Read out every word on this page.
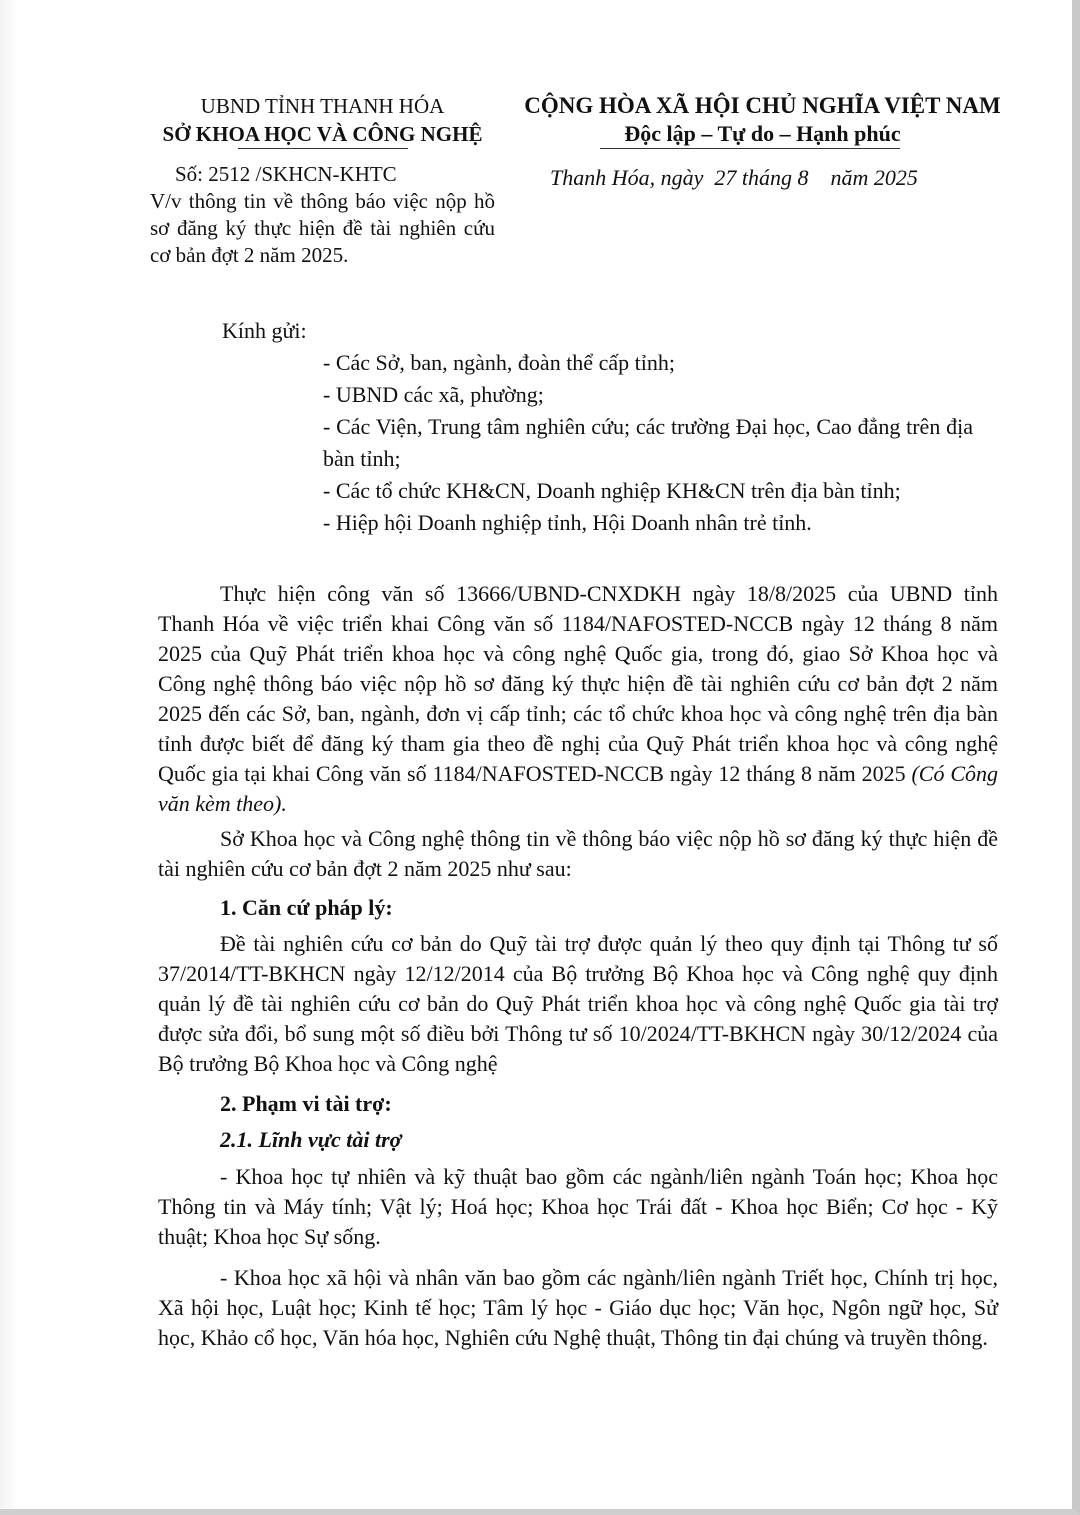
UBND TỈNH THANH HÓA
SỞ KHOA HỌC VÀ CÔNG NGHỆ
CỘNG HÒA XÃ HỘI CHỦ NGHĨA VIỆT NAM
Độc lập – Tự do – Hạnh phúc
Số: 2512 /SKHCN-KHTC
V/v thông tin về thông báo việc nộp hồ sơ đăng ký thực hiện đề tài nghiên cứu cơ bản đợt 2 năm 2025.
Thanh Hóa, ngày  27 tháng 8    năm 2025
Kính gửi:
- Các Sở, ban, ngành, đoàn thể cấp tỉnh;
- UBND các xã, phường;
- Các Viện, Trung tâm nghiên cứu; các trường Đại học, Cao đẳng trên địa bàn tỉnh;
- Các tổ chức KH&CN, Doanh nghiệp KH&CN trên địa bàn tỉnh;
- Hiệp hội Doanh nghiệp tỉnh, Hội Doanh nhân trẻ tỉnh.

Thực hiện công văn số 13666/UBND-CNXDKH ngày 18/8/2025 của UBND tỉnh Thanh Hóa về việc triển khai Công văn số 1184/NAFOSTED-NCCB ngày 12 tháng 8 năm 2025 của Quỹ Phát triển khoa học và công nghệ Quốc gia, trong đó, giao Sở Khoa học và Công nghệ thông báo việc nộp hồ sơ đăng ký thực hiện đề tài nghiên cứu cơ bản đợt 2 năm 2025 đến các Sở, ban, ngành, đơn vị cấp tỉnh; các tổ chức khoa học và công nghệ trên địa bàn tỉnh được biết để đăng ký tham gia theo đề nghị của Quỹ Phát triển khoa học và công nghệ Quốc gia tại khai Công văn số 1184/NAFOSTED-NCCB ngày 12 tháng 8 năm 2025 (Có Công văn kèm theo).

Sở Khoa học và Công nghệ thông tin về thông báo việc nộp hồ sơ đăng ký thực hiện đề tài nghiên cứu cơ bản đợt 2 năm 2025 như sau:

1. Căn cứ pháp lý:

Đề tài nghiên cứu cơ bản do Quỹ tài trợ được quản lý theo quy định tại Thông tư số 37/2014/TT-BKHCN ngày 12/12/2014 của Bộ trưởng Bộ Khoa học và Công nghệ quy định quản lý đề tài nghiên cứu cơ bản do Quỹ Phát triển khoa học và công nghệ Quốc gia tài trợ được sửa đổi, bổ sung một số điều bởi Thông tư số 10/2024/TT-BKHCN ngày 30/12/2024 của Bộ trưởng Bộ Khoa học và Công nghệ

2. Phạm vi tài trợ:

2.1. Lĩnh vực tài trợ

- Khoa học tự nhiên và kỹ thuật bao gồm các ngành/liên ngành Toán học; Khoa học Thông tin và Máy tính; Vật lý; Hoá học; Khoa học Trái đất - Khoa học Biển; Cơ học - Kỹ thuật; Khoa học Sự sống.

- Khoa học xã hội và nhân văn bao gồm các ngành/liên ngành Triết học, Chính trị học, Xã hội học, Luật học; Kinh tế học; Tâm lý học - Giáo dục học; Văn học, Ngôn ngữ học, Sử học, Khảo cổ học, Văn hóa học, Nghiên cứu Nghệ thuật, Thông tin đại chúng và truyền thông.
